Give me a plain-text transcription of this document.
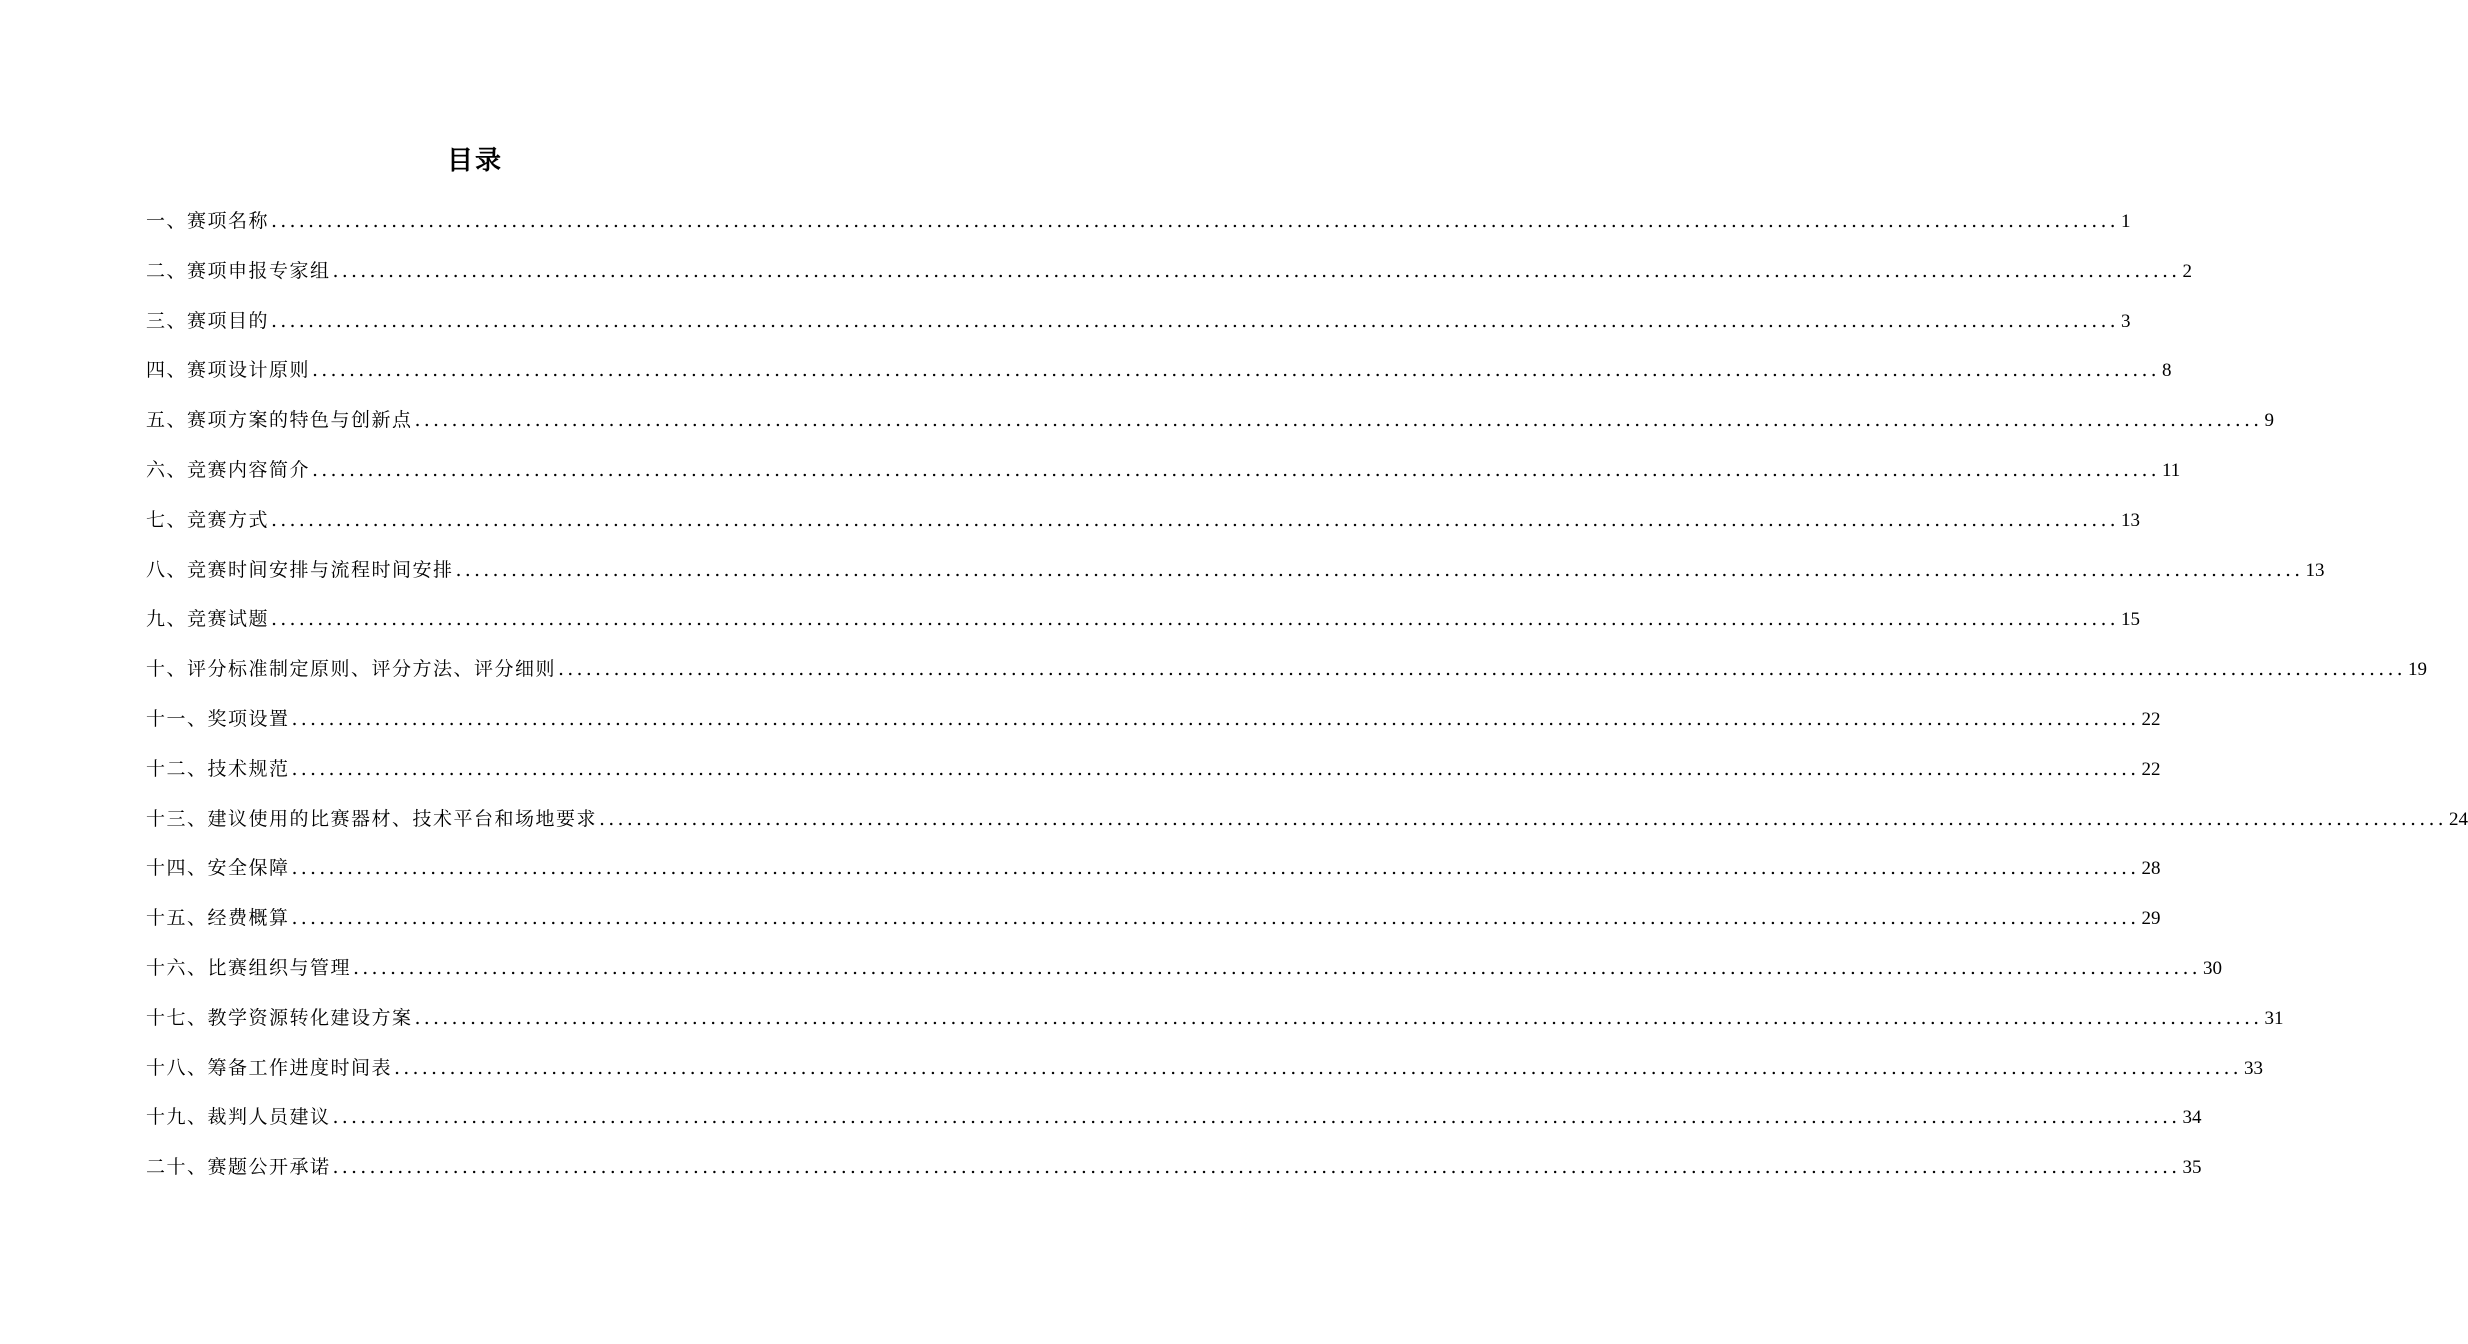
目录
一、赛项名称 ........................................................................................................................................................................................................ 1
二、赛项申报专家组 ........................................................................................................................................................................................................ 2
三、赛项目的 ........................................................................................................................................................................................................ 3
四、赛项设计原则 ........................................................................................................................................................................................................ 8
五、赛项方案的特色与创新点 ........................................................................................................................................................................................................ 9
六、竞赛内容简介 ........................................................................................................................................................................................................ 11
七、竞赛方式 ........................................................................................................................................................................................................ 13
八、竞赛时间安排与流程时间安排 ........................................................................................................................................................................................................ 13
九、竞赛试题 ........................................................................................................................................................................................................ 15
十、评分标准制定原则、评分方法、评分细则 ........................................................................................................................................................................................................ 19
十一、奖项设置 ........................................................................................................................................................................................................ 22
十二、技术规范 ........................................................................................................................................................................................................ 22
十三、建议使用的比赛器材、技术平台和场地要求 ........................................................................................................................................................................................................ 24
十四、安全保障 ........................................................................................................................................................................................................ 28
十五、经费概算 ........................................................................................................................................................................................................ 29
十六、比赛组织与管理 ........................................................................................................................................................................................................ 30
十七、教学资源转化建设方案 ........................................................................................................................................................................................................ 31
十八、筹备工作进度时间表 ........................................................................................................................................................................................................ 33
十九、裁判人员建议 ........................................................................................................................................................................................................ 34
二十、赛题公开承诺 ........................................................................................................................................................................................................ 35
